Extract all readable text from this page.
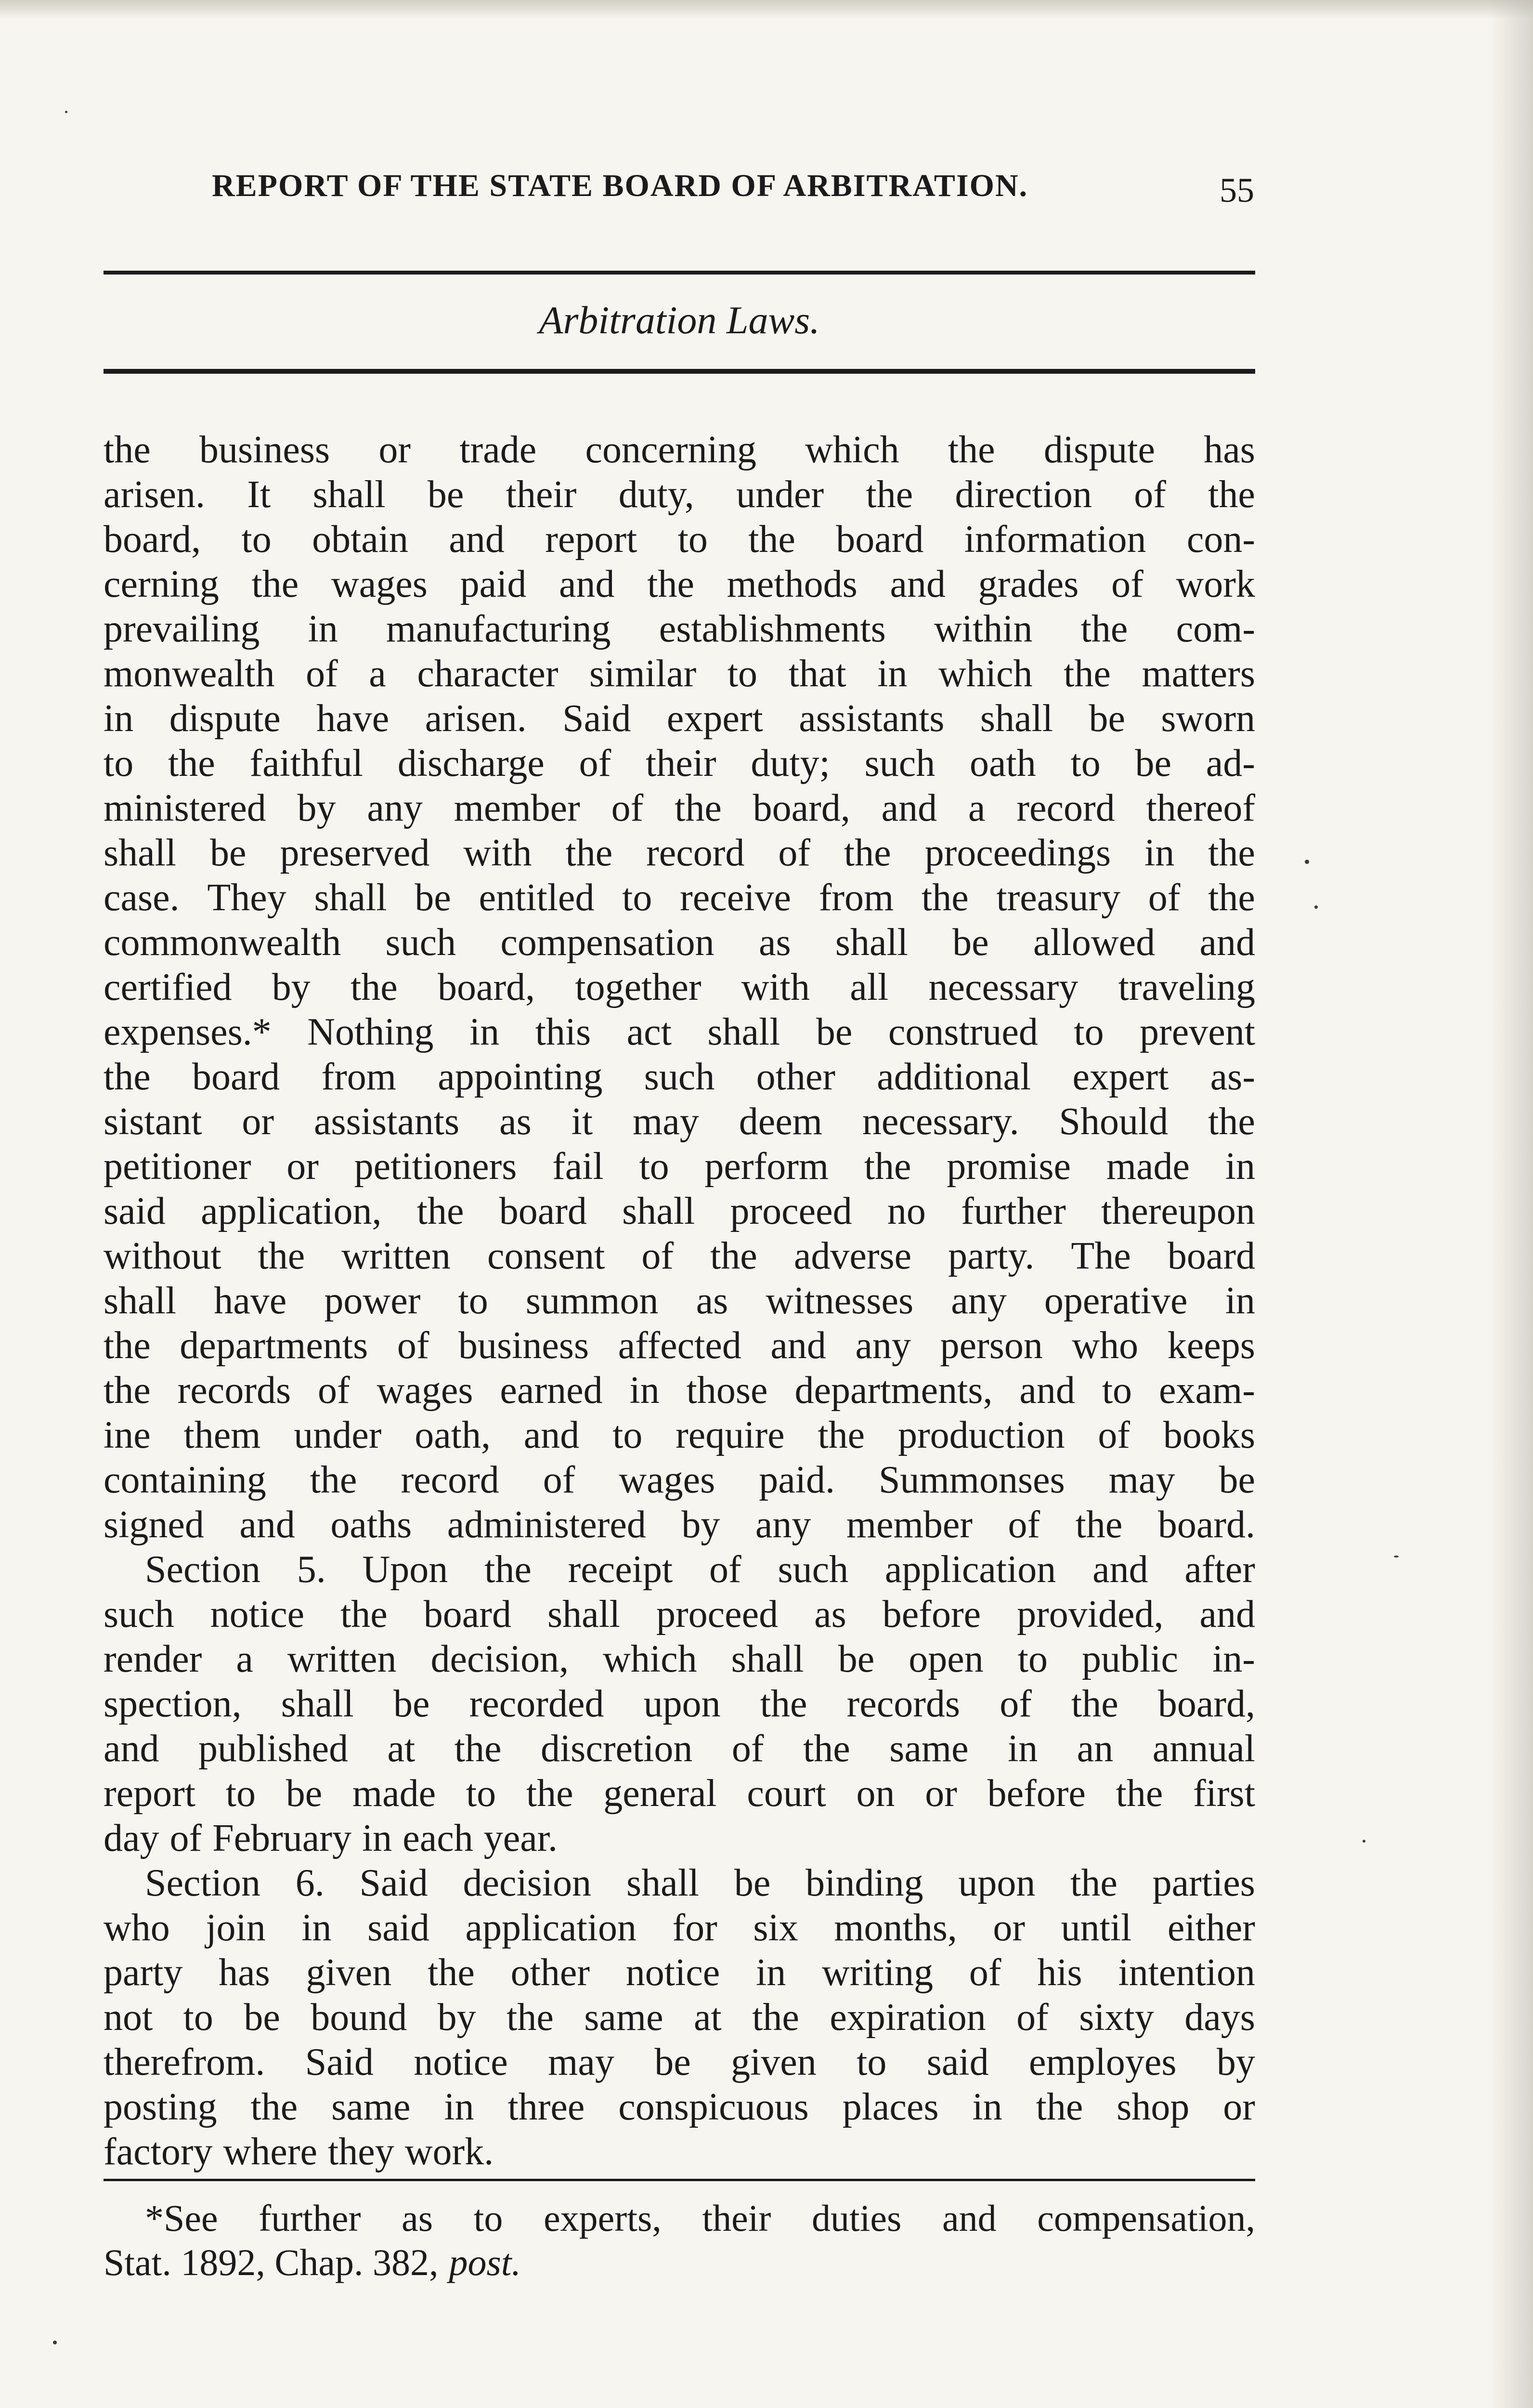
REPORT OF THE STATE BOARD OF ARBITRATION.	55
Arbitration Laws.
the business or trade concerning which the dispute has
arisen. It shall be their duty, under the direction of the
board, to obtain and report to the board information con-
cerning the wages paid and the methods and grades of work
prevailing in manufacturing establishments within the com-
monwealth of a character similar to that in which the matters
in dispute have arisen. Said expert assistants shall be sworn
to the faithful discharge of their duty; such oath to be ad-
ministered by any member of the board, and a record thereof
shall be preserved with the record of the proceedings in the
case. They shall be entitled to receive from the treasury of the
commonwealth such compensation as shall be allowed and
certified by the board, together with all necessary traveling
expenses.* Nothing in this act shall be construed to prevent
the board from appointing such other additional expert as-
sistant or assistants as it may deem necessary. Should the
petitioner or petitioners fail to perform the promise made in
said application, the board shall proceed no further thereupon
without the written consent of the adverse party. The board
shall have power to summon as witnesses any operative in
the departments of business affected and any person who keeps
the records of wages earned in those departments, and to exam-
ine them under oath, and to require the production of books
containing the record of wages paid. Summonses may be
signed and oaths administered by any member of the board.
Section 5. Upon the receipt of such application and after
such notice the board shall proceed as before provided, and
render a written decision, which shall be open to public in-
spection, shall be recorded upon the records of the board,
and published at the discretion of the same in an annual
report to be made to the general court on or before the first
day of February in each year.
Section 6. Said decision shall be binding upon the parties
who join in said application for six months, or until either
party has given the other notice in writing of his intention
not to be bound by the same at the expiration of sixty days
therefrom. Said notice may be given to said employes by
posting the same in three conspicuous places in the shop or
factory where they work.
*See further as to experts, their duties and compensation,
Stat. 1892, Chap. 382, post.
